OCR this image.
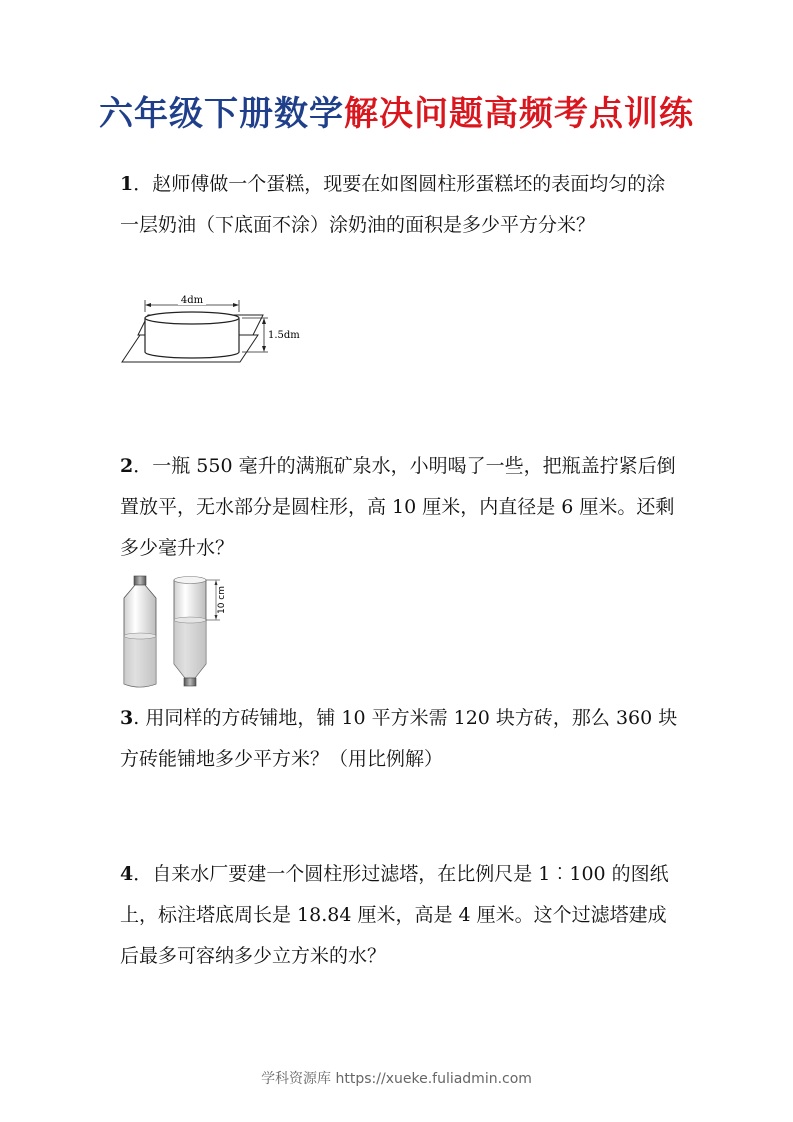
六年级下册数学解决问题高频考点训练
1．赵师傅做一个蛋糕，现要在如图圆柱形蛋糕坯的表面均匀的涂一层奶油（下底面不涂）涂奶油的面积是多少平方分米？
4dm
1.5dm
2．一瓶 550 毫升的满瓶矿泉水，小明喝了一些，把瓶盖拧紧后倒置放平，无水部分是圆柱形，高 10 厘米，内直径是 6 厘米。还剩多少毫升水？
10 cm
3. 用同样的方砖铺地，铺 10 平方米需 120 块方砖，那么 360 块方砖能铺地多少平方米？（用比例解）
4．自来水厂要建一个圆柱形过滤塔，在比例尺是 1︰100 的图纸上，标注塔底周长是 18.84 厘米，高是 4 厘米。这个过滤塔建成后最多可容纳多少立方米的水？
学科资源库 https://xueke.fuliadmin.com
